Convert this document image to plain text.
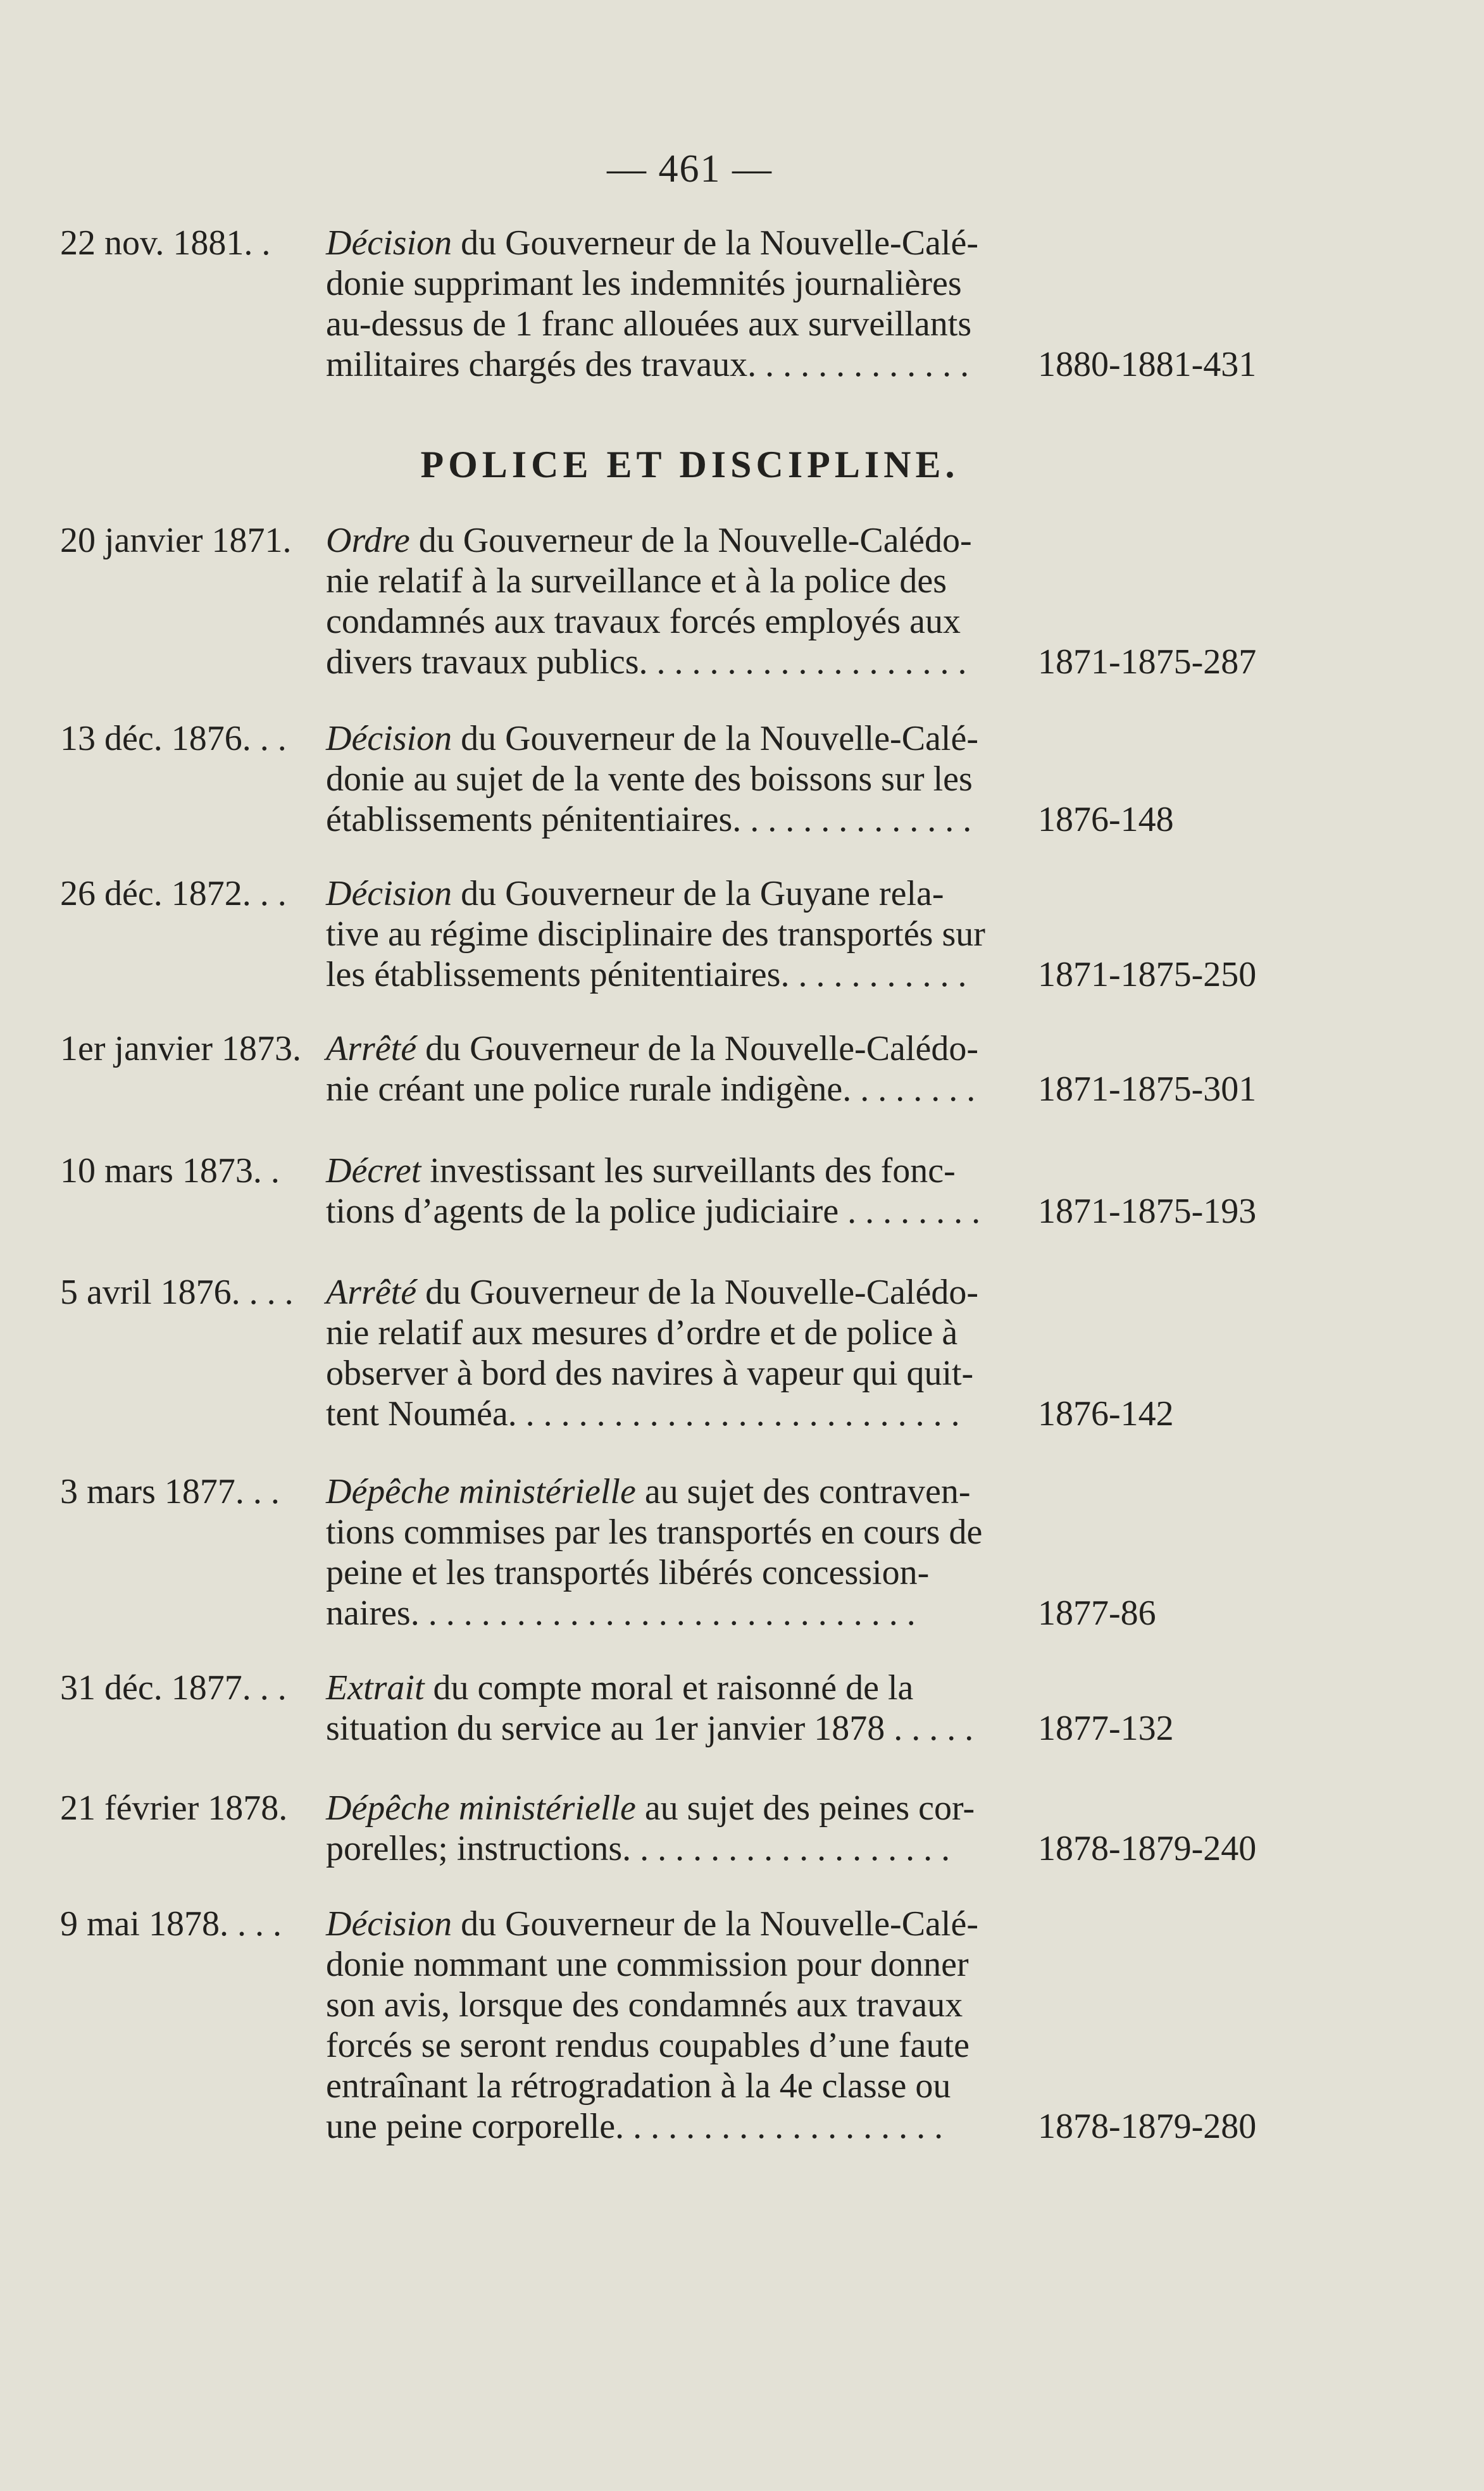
— 461 —
22 nov. 1881. . Décision du Gouverneur de la Nouvelle-Calé-
donie supprimant les indemnités journalières
au-dessus de 1 franc allouées aux surveillants
militaires chargés des travaux. . . . . . . . . . . . .	1880-1881-431
POLICE ET DISCIPLINE.
20 janvier 1871. Ordre du Gouverneur de la Nouvelle-Calédo-
nie relatif à la surveillance et à la police des
condamnés aux travaux forcés employés aux
divers travaux publics. . . . . . . . . . . . . . . . . . .	1871-1875-287
13 déc. 1876. . . Décision du Gouverneur de la Nouvelle-Calé-
donie au sujet de la vente des boissons sur les
établissements pénitentiaires. . . . . . . . . . . . . .	1876-148
26 déc. 1872. . . Décision du Gouverneur de la Guyane rela-
tive au régime disciplinaire des transportés sur
les établissements pénitentiaires. . . . . . . . . . .	1871-1875-250
1er janvier 1873. Arrêté du Gouverneur de la Nouvelle-Calédo-
nie créant une police rurale indigène. . . . . . . .	1871-1875-301
10 mars 1873. . Décret investissant les surveillants des fonc-
tions d’agents de la police judiciaire . . . . . . . .	1871-1875-193
5 avril 1876. . . . Arrêté du Gouverneur de la Nouvelle-Calédo-
nie relatif aux mesures d’ordre et de police à
observer à bord des navires à vapeur qui quit-
tent Nouméa. . . . . . . . . . . . . . . . . . . . . . . . . .	1876-142
3 mars 1877. . . Dépêche ministérielle au sujet des contraven-
tions commises par les transportés en cours de
peine et les transportés libérés concession-
naires. . . . . . . . . . . . . . . . . . . . . . . . . . . . .	1877-86
31 déc. 1877. . . Extrait du compte moral et raisonné de la
situation du service au 1er janvier 1878 . . . . .	1877-132
21 février 1878. Dépêche ministérielle au sujet des peines cor-
porelles; instructions. . . . . . . . . . . . . . . . . . .	1878-1879-240
9 mai 1878. . . . Décision du Gouverneur de la Nouvelle-Calé-
donie nommant une commission pour donner
son avis, lorsque des condamnés aux travaux
forcés se seront rendus coupables d’une faute
entraînant la rétrogradation à la 4e classe ou
une peine corporelle. . . . . . . . . . . . . . . . . . .	1878-1879-280
